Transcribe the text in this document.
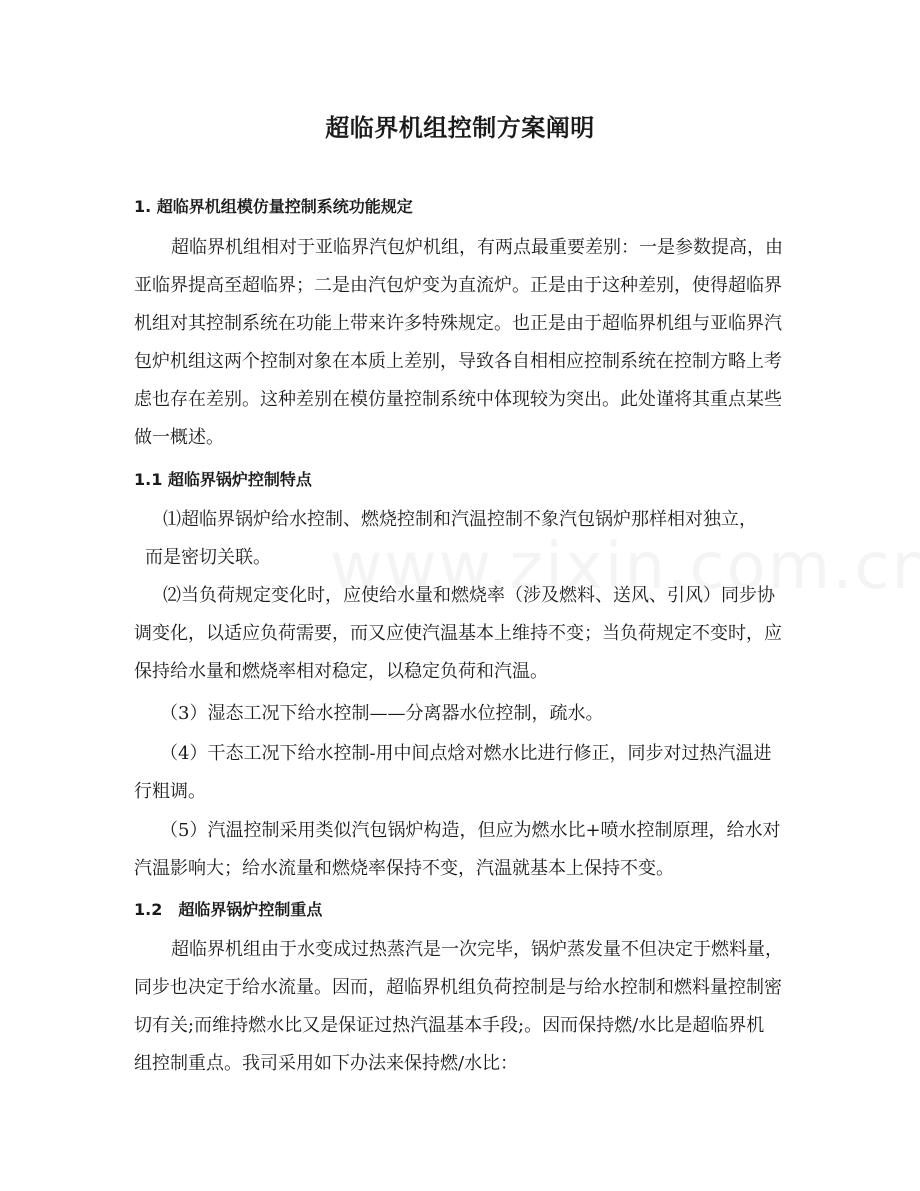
超临界机组控制方案阐明
1. 超临界机组模仿量控制系统功能规定
超临界机组相对于亚临界汽包炉机组，有两点最重要差别：一是参数提高，由
亚临界提高至超临界；二是由汽包炉变为直流炉。正是由于这种差别，使得超临界
机组对其控制系统在功能上带来许多特殊规定。也正是由于超临界机组与亚临界汽
包炉机组这两个控制对象在本质上差别，导致各自相相应控制系统在控制方略上考
虑也存在差别。这种差别在模仿量控制系统中体现较为突出。此处谨将其重点某些
做一概述。
1.1 超临界锅炉控制特点
⑴超临界锅炉给水控制、燃烧控制和汽温控制不象汽包锅炉那样相对独立，
而是密切关联。
⑵当负荷规定变化时，应使给水量和燃烧率（涉及燃料、送风、引风）同步协
调变化，以适应负荷需要，而又应使汽温基本上维持不变；当负荷规定不变时，应
保持给水量和燃烧率相对稳定，以稳定负荷和汽温。
（3）湿态工况下给水控制——分离器水位控制，疏水。
（4）干态工况下给水控制-用中间点焓对燃水比进行修正，同步对过热汽温进
行粗调。
（5）汽温控制采用类似汽包锅炉构造，但应为燃水比+喷水控制原理，给水对
汽温影响大；给水流量和燃烧率保持不变，汽温就基本上保持不变。
1.2　超临界锅炉控制重点
超临界机组由于水变成过热蒸汽是一次完毕，锅炉蒸发量不但决定于燃料量，
同步也决定于给水流量。因而，超临界机组负荷控制是与给水控制和燃料量控制密
切有关;而维持燃水比又是保证过热汽温基本手段;。因而保持燃/水比是超临界机
组控制重点。我司采用如下办法来保持燃/水比：
